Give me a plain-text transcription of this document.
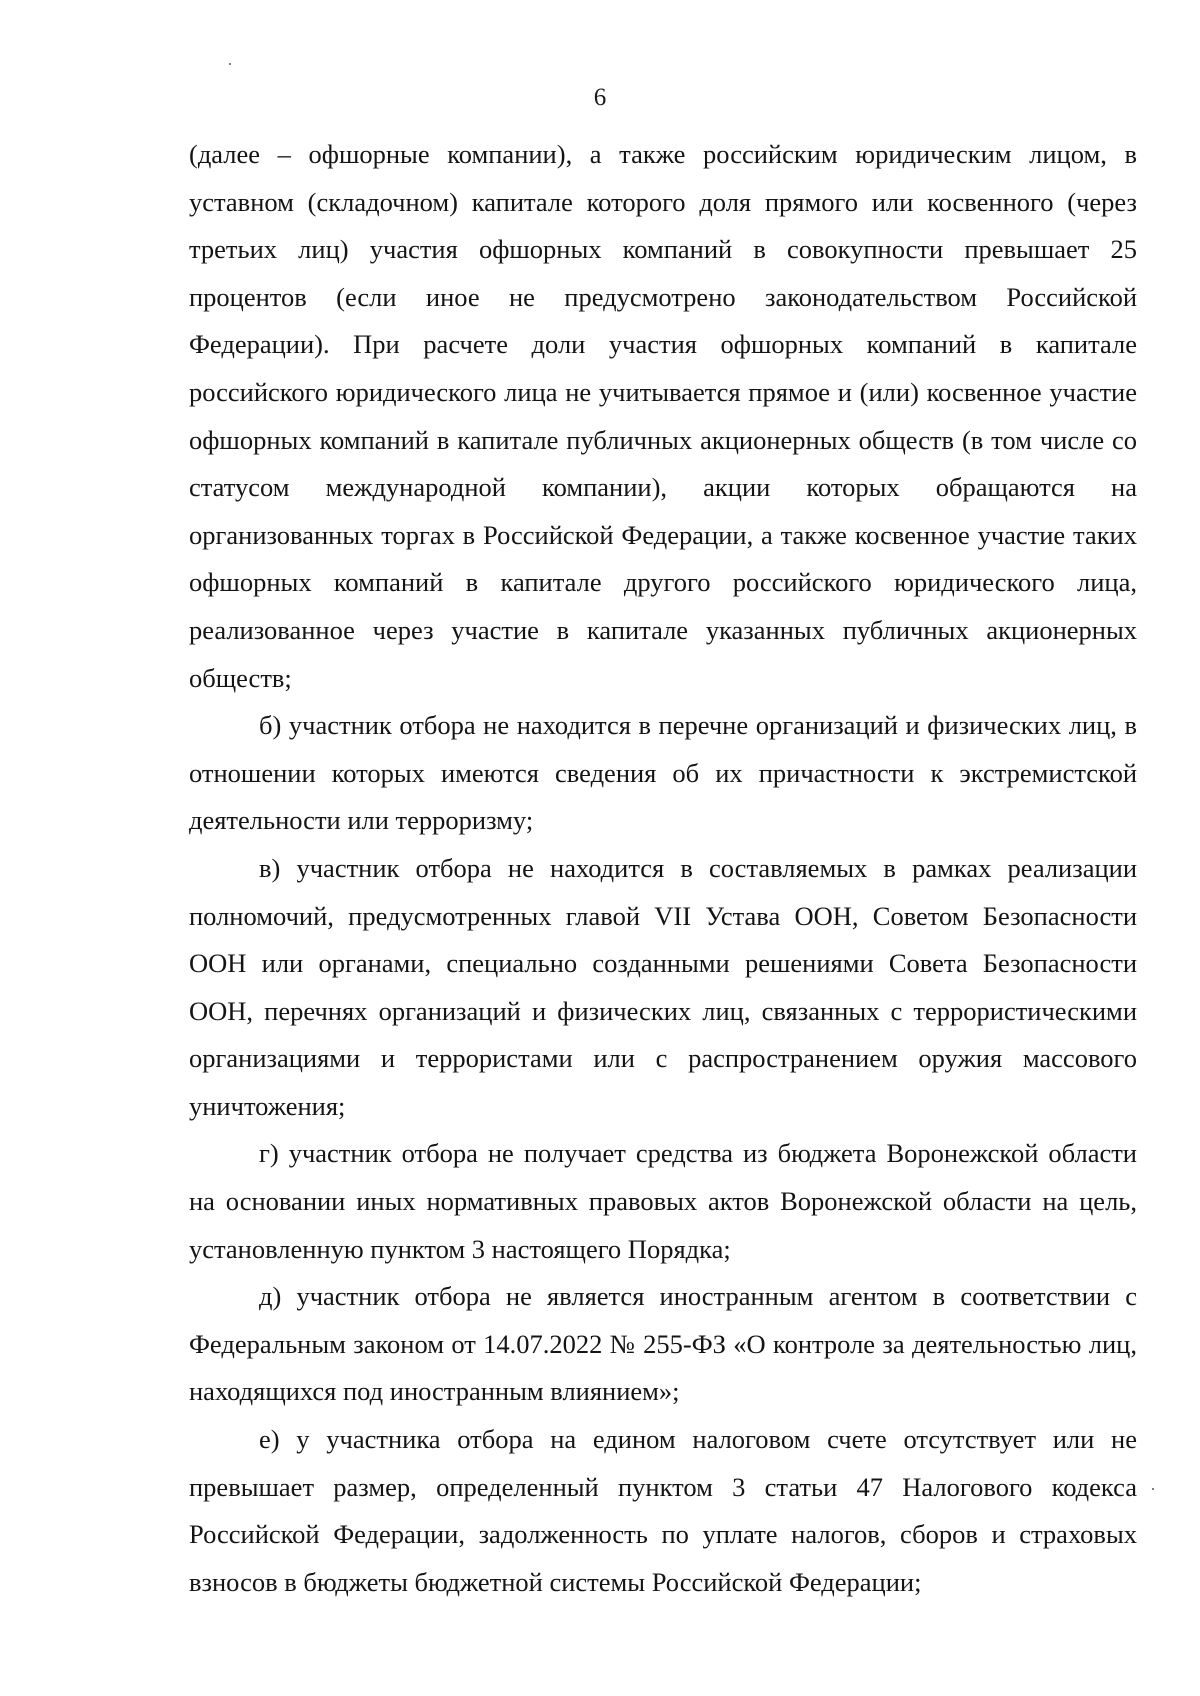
6

(далее – офшорные компании), а также российским юридическим лицом, в уставном (складочном) капитале которого доля прямого или косвенного (через третьих лиц) участия офшорных компаний в совокупности превышает 25 процентов (если иное не предусмотрено законодательством Российской Федерации). При расчете доли участия офшорных компаний в капитале российского юридического лица не учитывается прямое и (или) косвенное участие офшорных компаний в капитале публичных акционерных обществ (в том числе со статусом международной компании), акции которых обращаются на организованных торгах в Российской Федерации, а также косвенное участие таких офшорных компаний в капитале другого российского юридического лица, реализованное через участие в капитале указанных публичных акционерных обществ;

б) участник отбора не находится в перечне организаций и физических лиц, в отношении которых имеются сведения об их причастности к экстремистской деятельности или терроризму;

в) участник отбора не находится в составляемых в рамках реализации полномочий, предусмотренных главой VII Устава ООН, Советом Безопасности ООН или органами, специально созданными решениями Совета Безопасности ООН, перечнях организаций и физических лиц, связанных с террористическими организациями и террористами или с распространением оружия массового уничтожения;

г) участник отбора не получает средства из бюджета Воронежской области на основании иных нормативных правовых актов Воронежской области на цель, установленную пунктом 3 настоящего Порядка;

д) участник отбора не является иностранным агентом в соответствии с Федеральным законом от 14.07.2022 № 255-ФЗ «О контроле за деятельностью лиц, находящихся под иностранным влиянием»;

е) у участника отбора на едином налоговом счете отсутствует или не превышает размер, определенный пунктом 3 статьи 47 Налогового кодекса Российской Федерации, задолженность по уплате налогов, сборов и страховых взносов в бюджеты бюджетной системы Российской Федерации;
